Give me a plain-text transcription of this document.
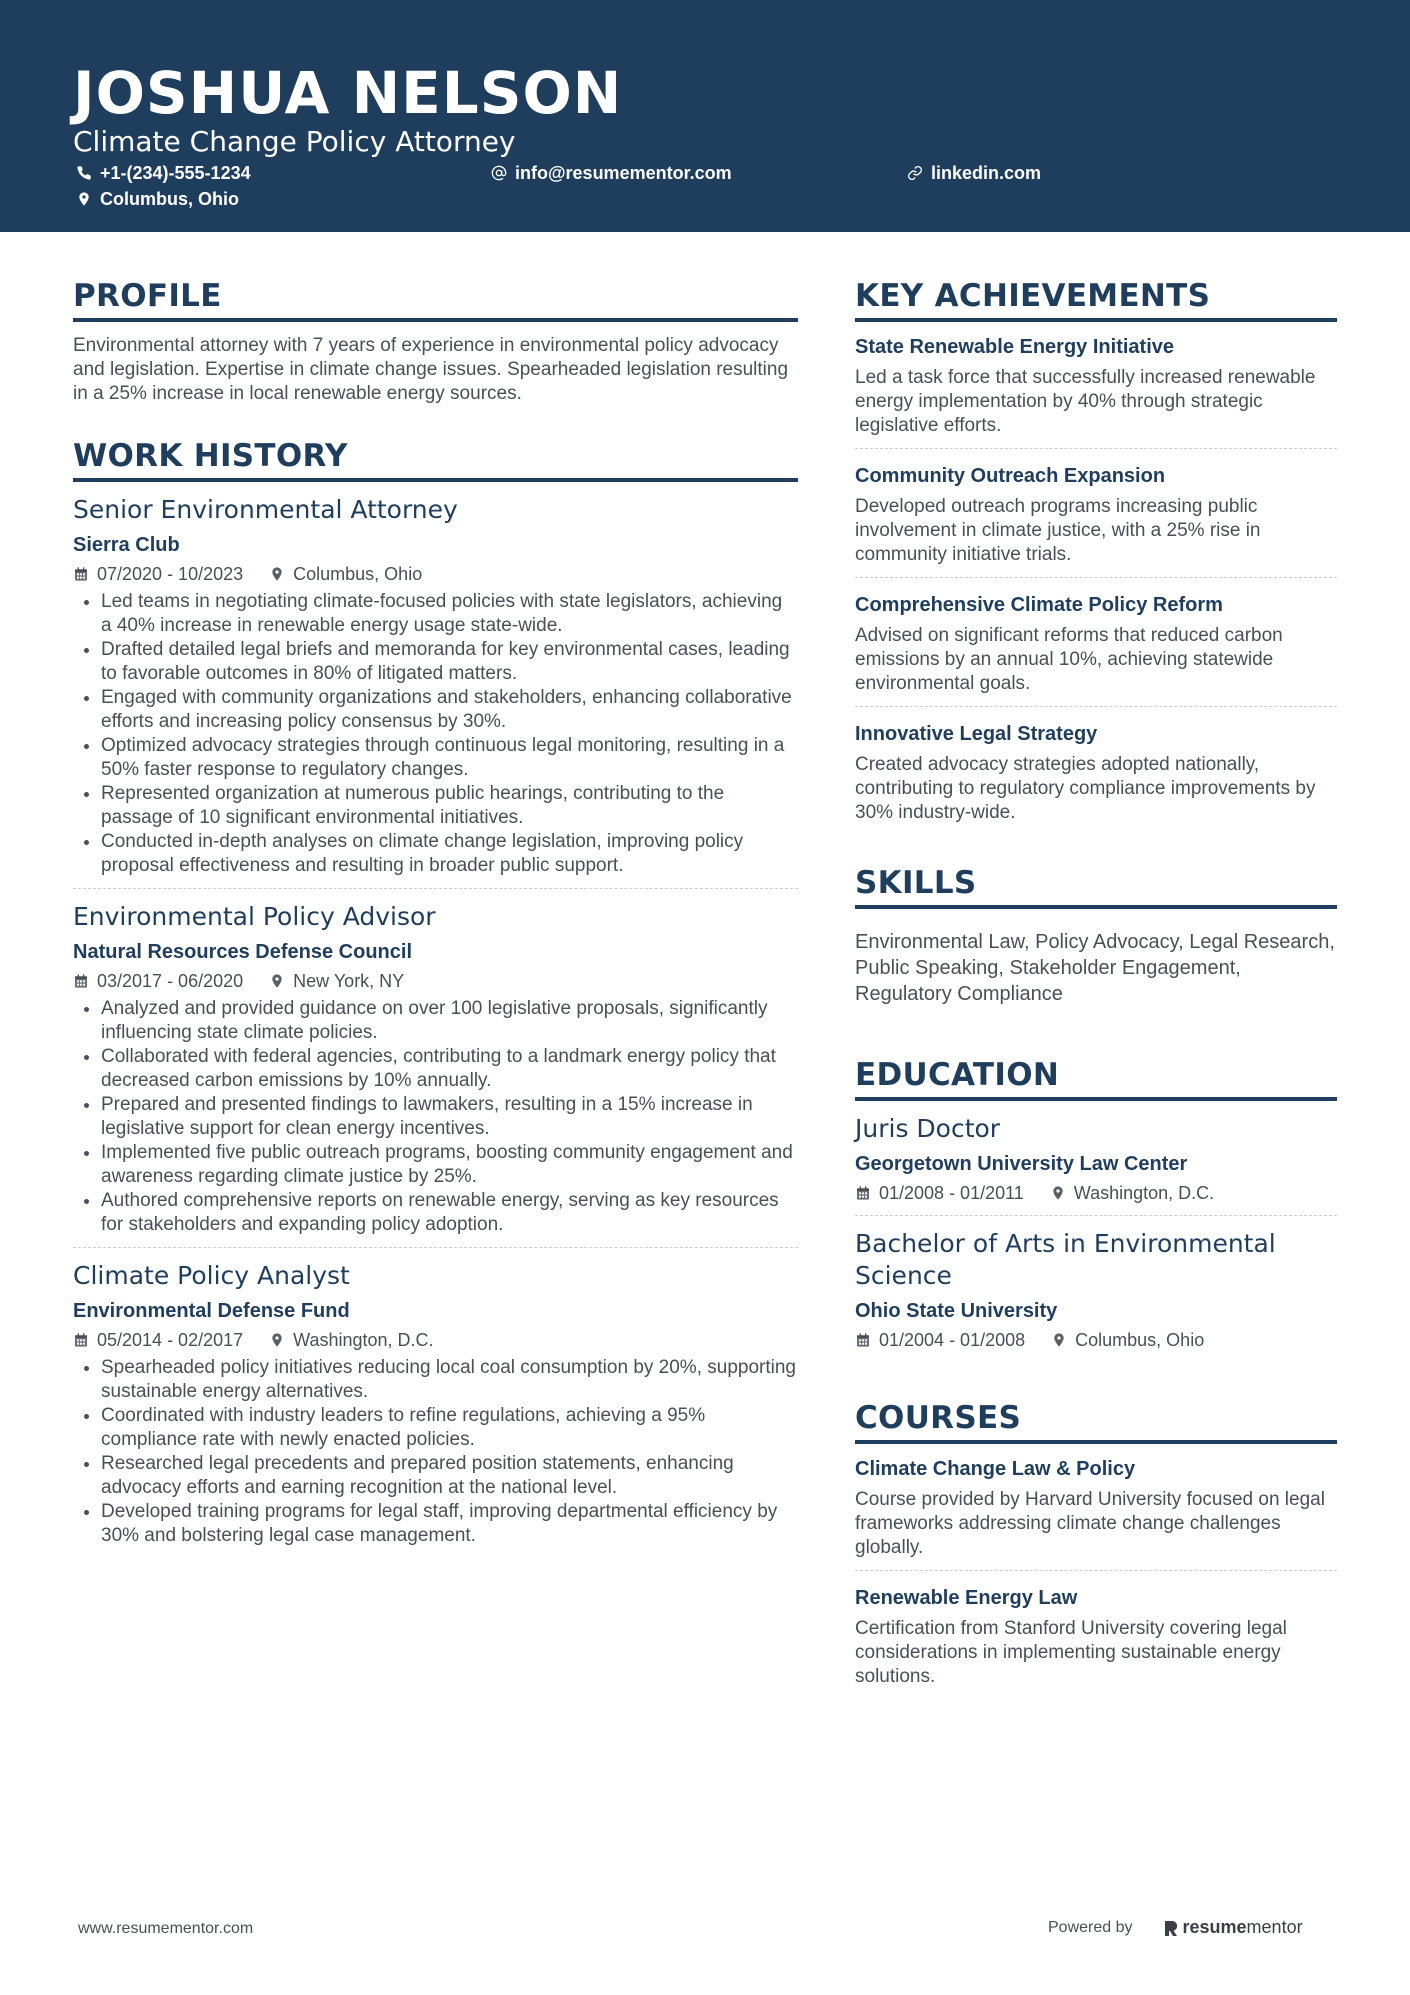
JOSHUA NELSON
Climate Change Policy Attorney
+1-(234)-555-1234	info@resumementor.com	linkedin.com
Columbus, Ohio
PROFILE

Environmental attorney with 7 years of experience in environmental policy advocacy and legislation. Expertise in climate change issues. Spearheaded legislation resulting in a 25% increase in local renewable energy sources.

WORK HISTORY
Senior Environmental Attorney
Sierra Club
07/2020 - 10/2023	Columbus, Ohio
• Led teams in negotiating climate-focused policies with state legislators, achieving a 40% increase in renewable energy usage state-wide.
• Drafted detailed legal briefs and memoranda for key environmental cases, leading to favorable outcomes in 80% of litigated matters.
• Engaged with community organizations and stakeholders, enhancing collaborative efforts and increasing policy consensus by 30%.
• Optimized advocacy strategies through continuous legal monitoring, resulting in a 50% faster response to regulatory changes.
• Represented organization at numerous public hearings, contributing to the passage of 10 significant environmental initiatives.
• Conducted in-depth analyses on climate change legislation, improving policy proposal effectiveness and resulting in broader public support.
Environmental Policy Advisor
Natural Resources Defense Council
03/2017 - 06/2020	New York, NY
• Analyzed and provided guidance on over 100 legislative proposals, significantly influencing state climate policies.
• Collaborated with federal agencies, contributing to a landmark energy policy that decreased carbon emissions by 10% annually.
• Prepared and presented findings to lawmakers, resulting in a 15% increase in legislative support for clean energy incentives.
• Implemented five public outreach programs, boosting community engagement and awareness regarding climate justice by 25%.
• Authored comprehensive reports on renewable energy, serving as key resources for stakeholders and expanding policy adoption.
Climate Policy Analyst
Environmental Defense Fund
05/2014 - 02/2017	Washington, D.C.
• Spearheaded policy initiatives reducing local coal consumption by 20%, supporting sustainable energy alternatives.
• Coordinated with industry leaders to refine regulations, achieving a 95% compliance rate with newly enacted policies.
• Researched legal precedents and prepared position statements, enhancing advocacy efforts and earning recognition at the national level.
• Developed training programs for legal staff, improving departmental efficiency by 30% and bolstering legal case management.
KEY ACHIEVEMENTS
State Renewable Energy Initiative
Led a task force that successfully increased renewable energy implementation by 40% through strategic legislative efforts.
Community Outreach Expansion
Developed outreach programs increasing public involvement in climate justice, with a 25% rise in community initiative trials.
Comprehensive Climate Policy Reform
Advised on significant reforms that reduced carbon emissions by an annual 10%, achieving statewide environmental goals.
Innovative Legal Strategy
Created advocacy strategies adopted nationally, contributing to regulatory compliance improvements by 30% industry-wide.
SKILLS
Environmental Law, Policy Advocacy, Legal Research, Public Speaking, Stakeholder Engagement, Regulatory Compliance
EDUCATION
Juris Doctor
Georgetown University Law Center
01/2008 - 01/2011	Washington, D.C.
Bachelor of Arts in Environmental Science
Ohio State University
01/2004 - 01/2008	Columbus, Ohio
COURSES
Climate Change Law & Policy
Course provided by Harvard University focused on legal frameworks addressing climate change challenges globally.
Renewable Energy Law
Certification from Stanford University covering legal considerations in implementing sustainable energy solutions.
www.resumementor.com	Powered by	resume mentor
